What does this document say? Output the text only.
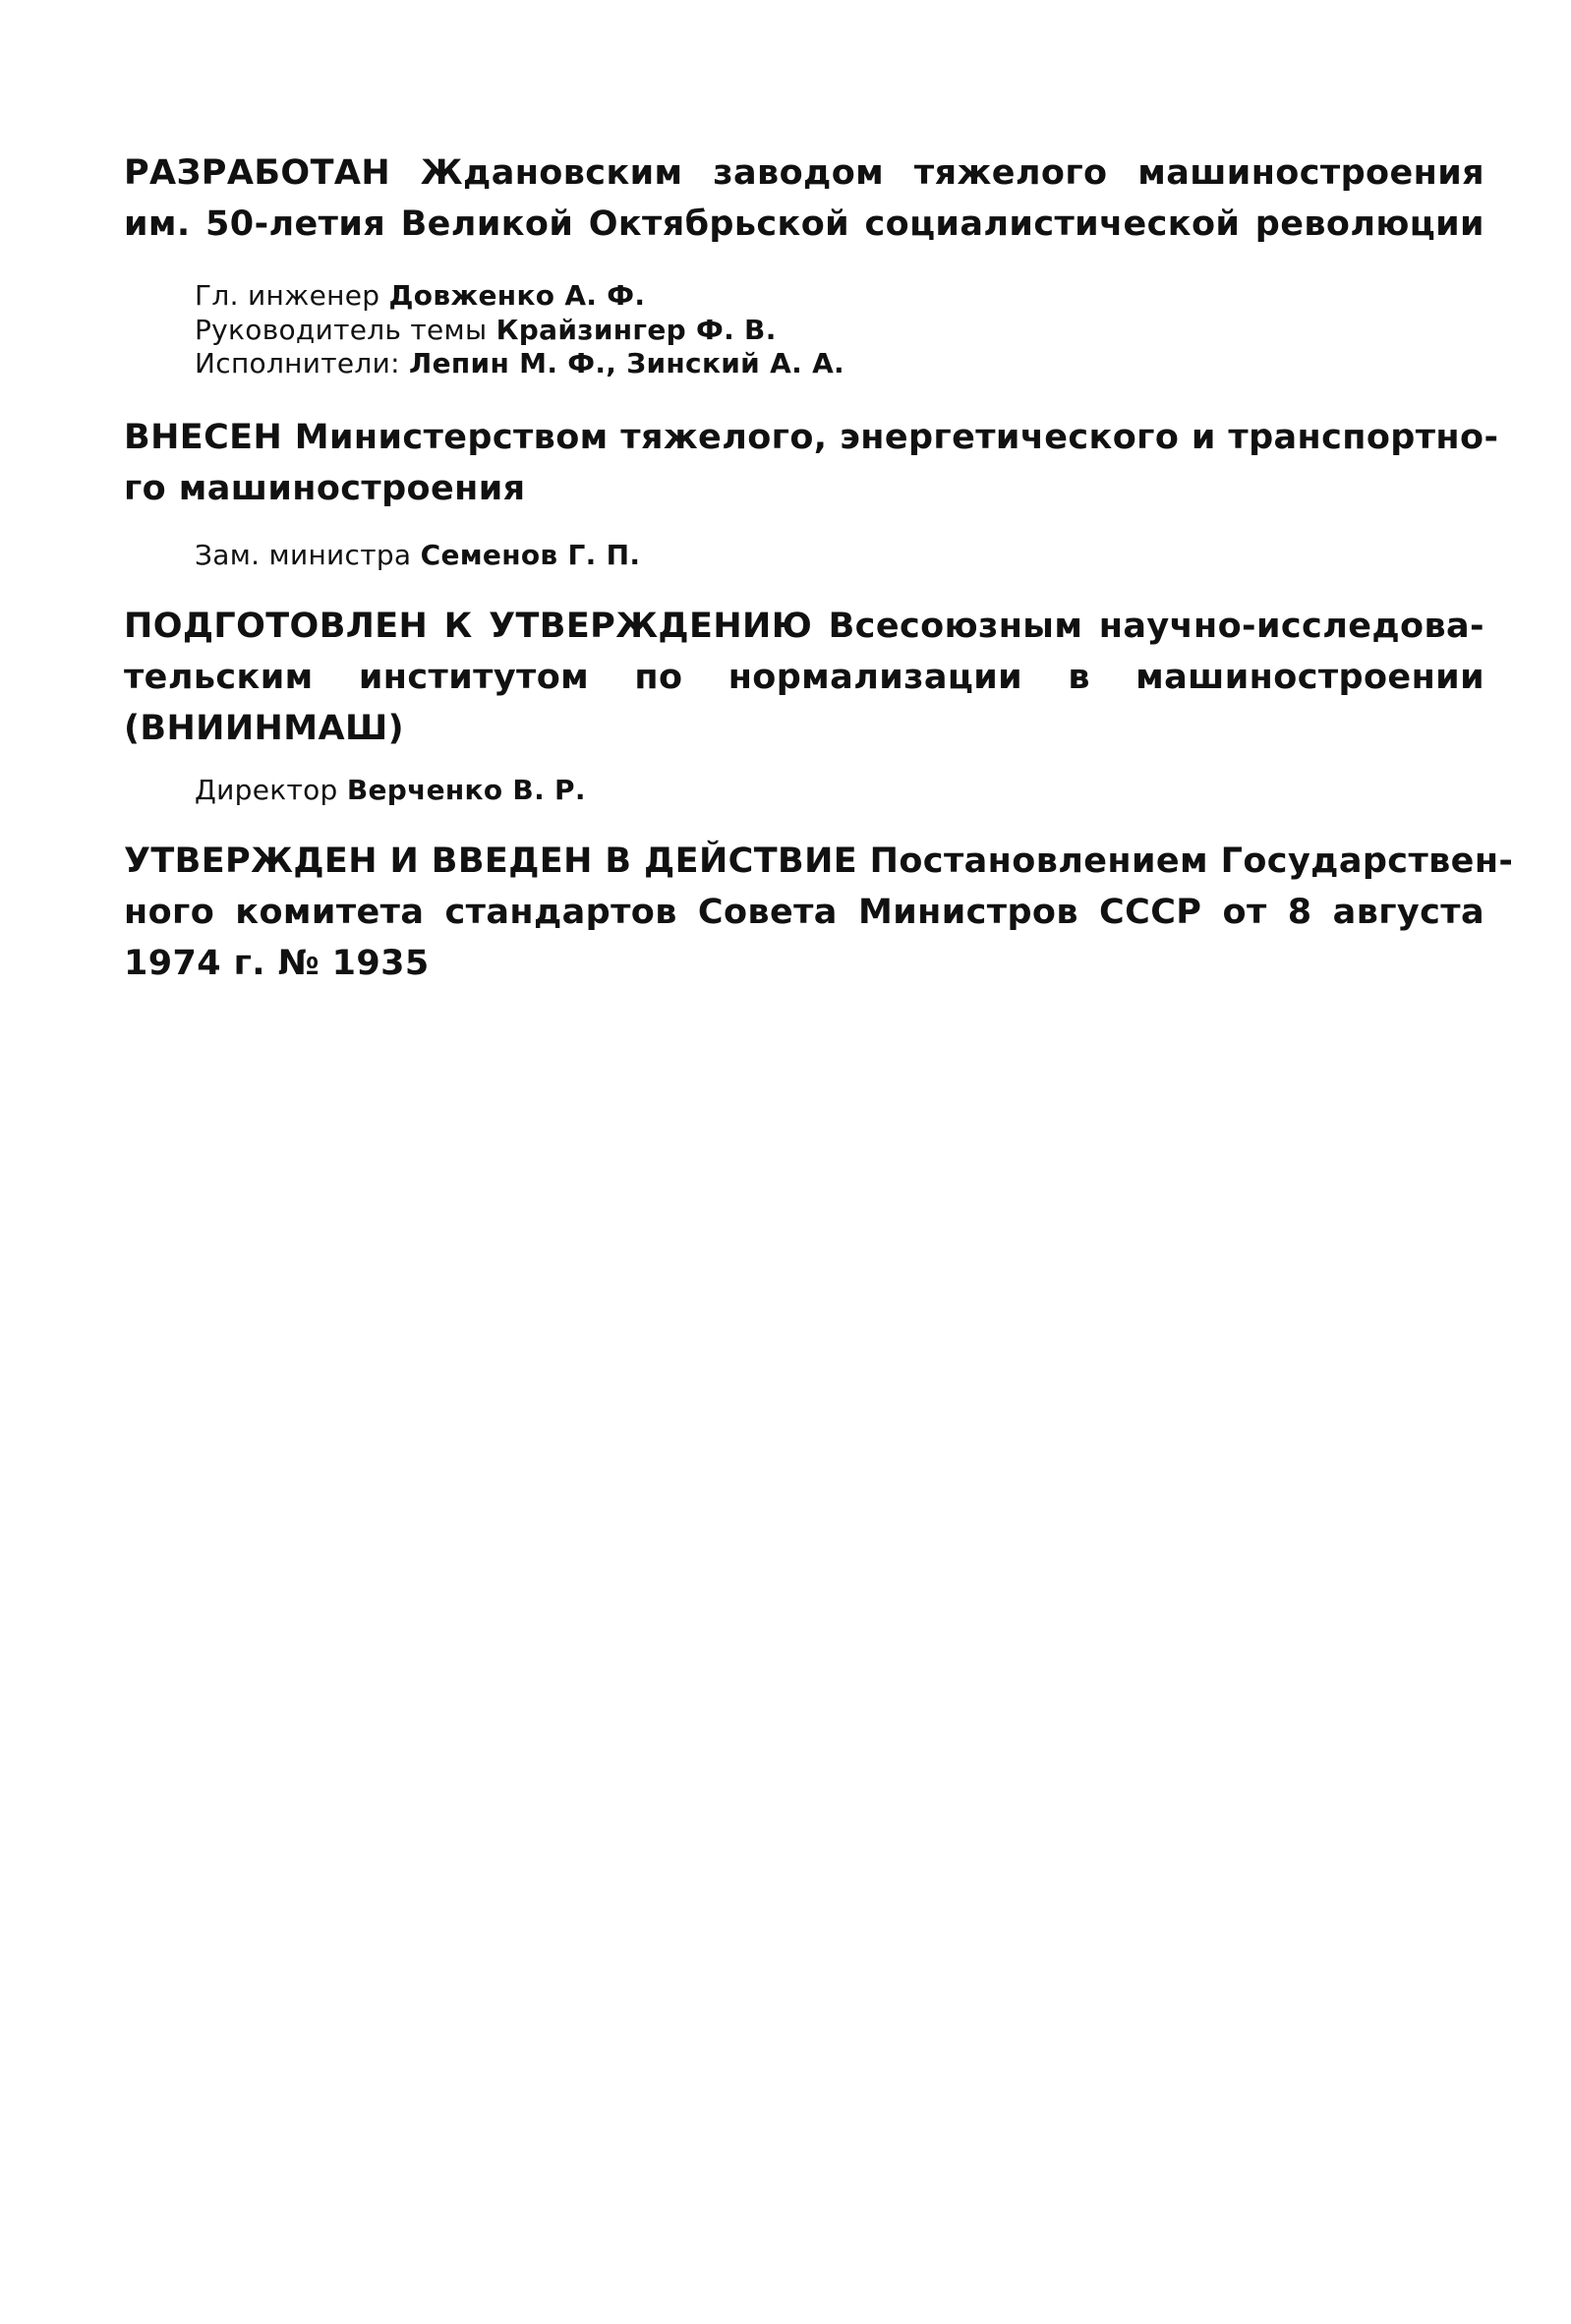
РАЗРАБОТАН Ждановским заводом тяжелого машиностроения
им. 50-летия Великой Октябрьской социалистической революции
Гл. инженер Довженко А. Ф.
Руководитель темы Крайзингер Ф. В.
Исполнители: Лепин М. Ф., Зинский А. А.
ВНЕСЕН Министерством тяжелого, энергетического и транспортно-
го машиностроения
Зам. министра Семенов Г. П.
ПОДГОТОВЛЕН К УТВЕРЖДЕНИЮ Всесоюзным научно-исследова-
тельским институтом по нормализации в машиностроении
(ВНИИНМАШ)
Директор Верченко В. Р.
УТВЕРЖДЕН И ВВЕДЕН В ДЕЙСТВИЕ Постановлением Государствен-
ного комитета стандартов Совета Министров СССР от 8 августа
1974 г. № 1935
